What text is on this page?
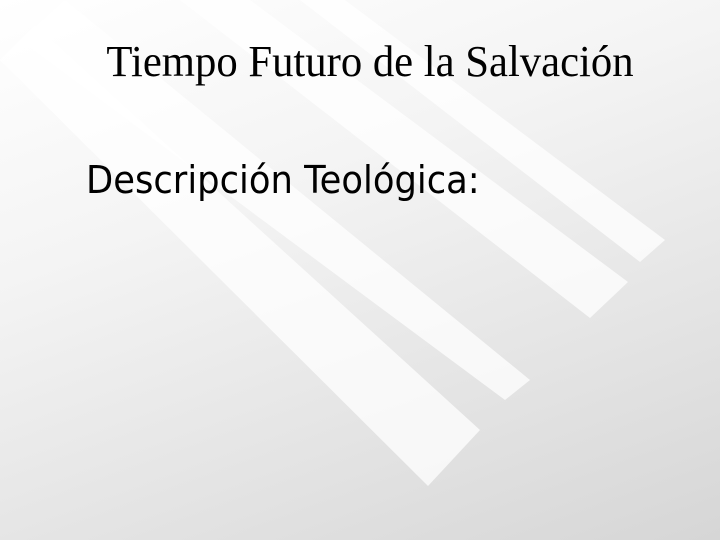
Tiempo Futuro de la Salvación
Descripción Teológica:
